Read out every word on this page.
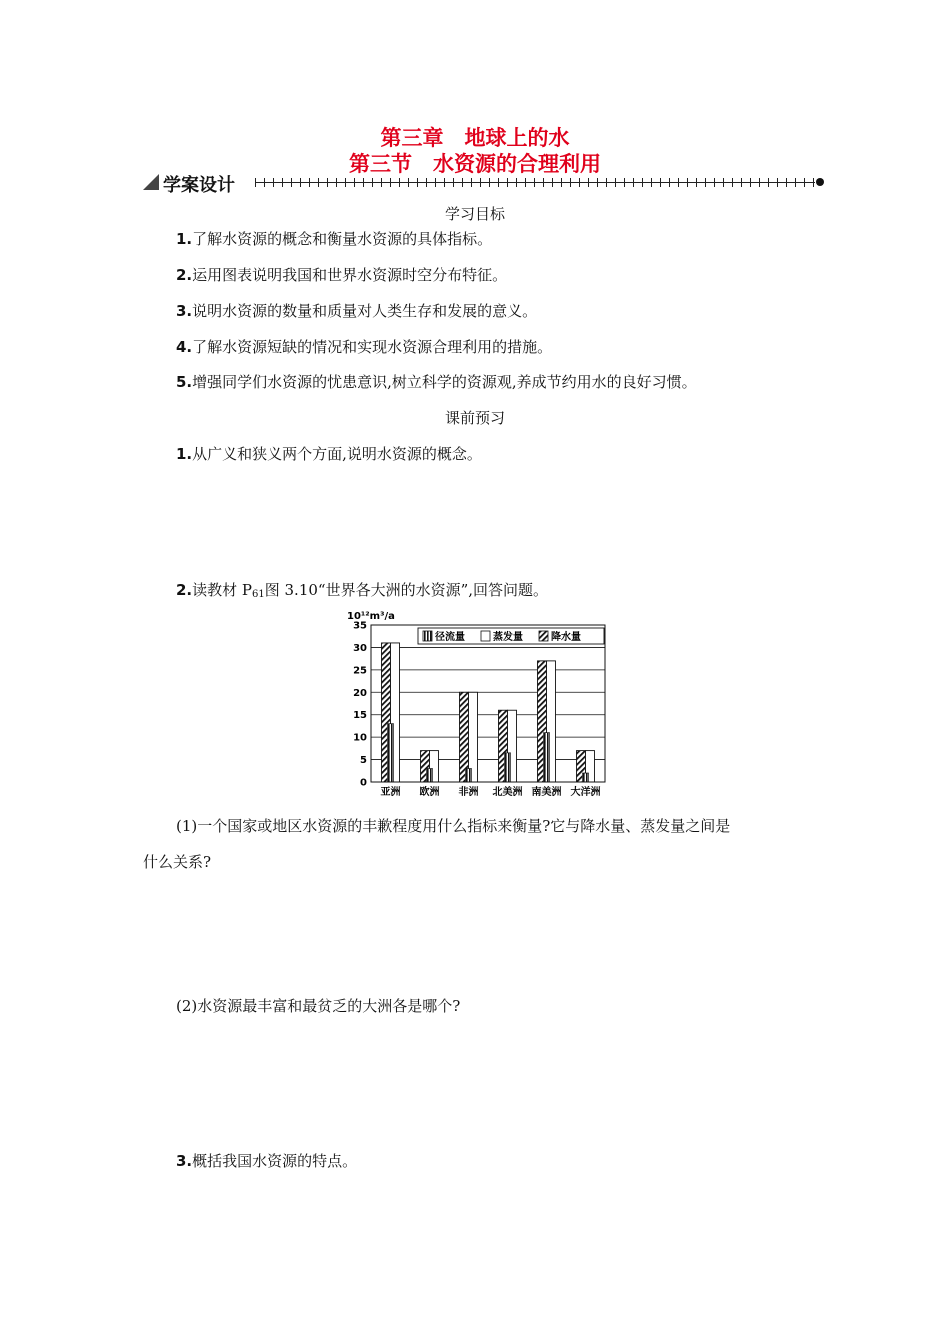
第三章　地球上的水
第三节　水资源的合理利用
学案设计
学习目标
1.了解水资源的概念和衡量水资源的具体指标。
2.运用图表说明我国和世界水资源时空分布特征。
3.说明水资源的数量和质量对人类生存和发展的意义。
4.了解水资源短缺的情况和实现水资源合理利用的措施。
5.增强同学们水资源的忧患意识,树立科学的资源观,养成节约用水的良好习惯。
课前预习
1.从广义和狭义两个方面,说明水资源的概念。
2.读教材 $P_{61}$图 3.10“世界各大洲的水资源”,回答问题。
10¹²m³/a
0
5
10
15
20
25
30
35
亚洲 欧洲 非洲 北美洲 南美洲 大洋洲
径流量	蒸发量	降水量
(1)一个国家或地区水资源的丰歉程度用什么指标来衡量?它与降水量、蒸发量之间是
什么关系?
(2)水资源最丰富和最贫乏的大洲各是哪个?
3.概括我国水资源的特点。
